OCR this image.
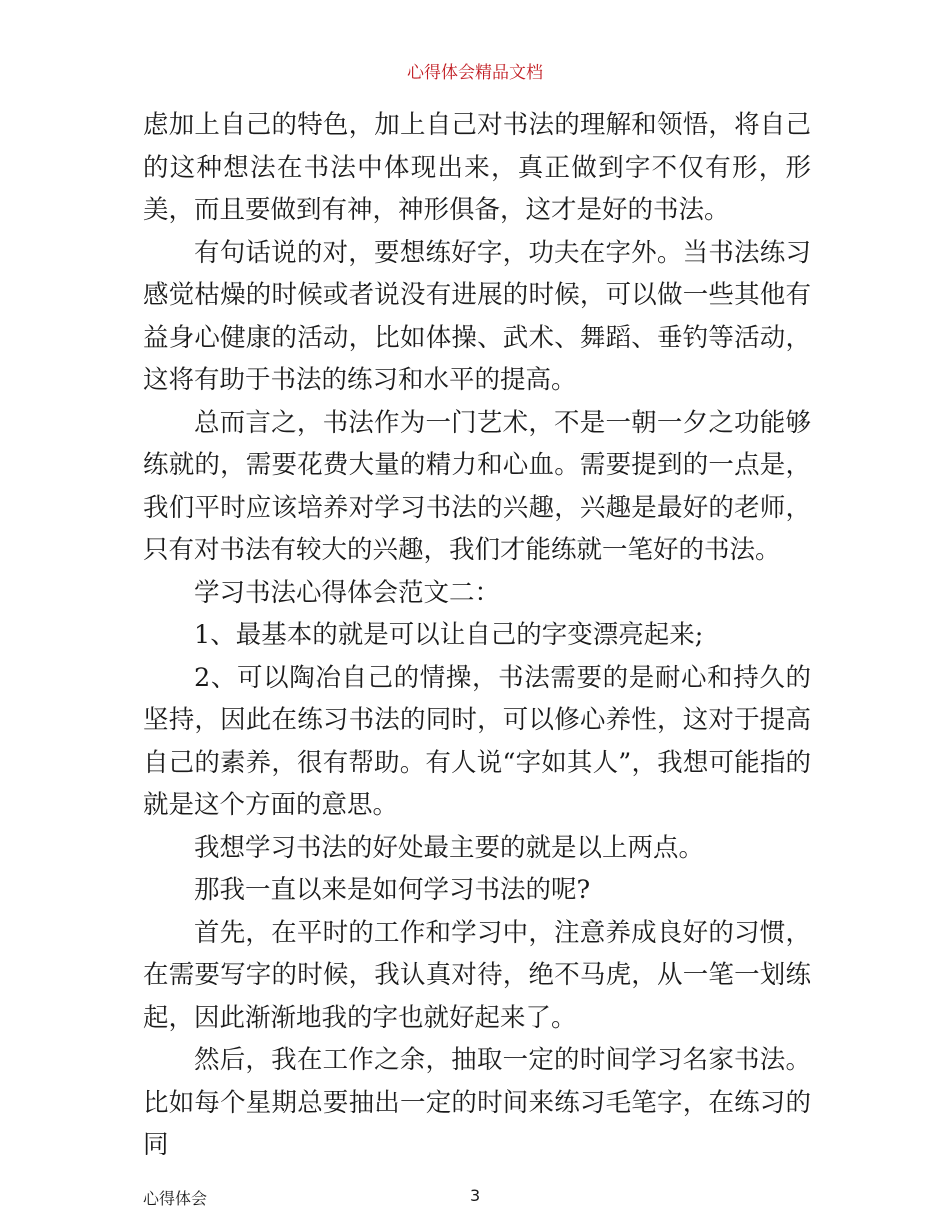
心得体会精品文档

虑加上自己的特色，加上自己对书法的理解和领悟，将自己的这种想法在书法中体现出来，真正做到字不仅有形，形美，而且要做到有神，神形俱备，这才是好的书法。

有句话说的对，要想练好字，功夫在字外。当书法练习感觉枯燥的时候或者说没有进展的时候，可以做一些其他有益身心健康的活动，比如体操、武术、舞蹈、垂钓等活动，这将有助于书法的练习和水平的提高。

总而言之，书法作为一门艺术，不是一朝一夕之功能够练就的，需要花费大量的精力和心血。需要提到的一点是，我们平时应该培养对学习书法的兴趣，兴趣是最好的老师，只有对书法有较大的兴趣，我们才能练就一笔好的书法。

学习书法心得体会范文二：

1、最基本的就是可以让自己的字变漂亮起来;

2、可以陶冶自己的情操，书法需要的是耐心和持久的坚持，因此在练习书法的同时，可以修心养性，这对于提高自己的素养，很有帮助。有人说“字如其人”，我想可能指的就是这个方面的意思。

我想学习书法的好处最主要的就是以上两点。

那我一直以来是如何学习书法的呢?

首先，在平时的工作和学习中，注意养成良好的习惯，在需要写字的时候，我认真对待，绝不马虎，从一笔一划练起，因此渐渐地我的字也就好起来了。

然后，我在工作之余，抽取一定的时间学习名家书法。比如每个星期总要抽出一定的时间来练习毛笔字，在练习的同

心得体会	3
